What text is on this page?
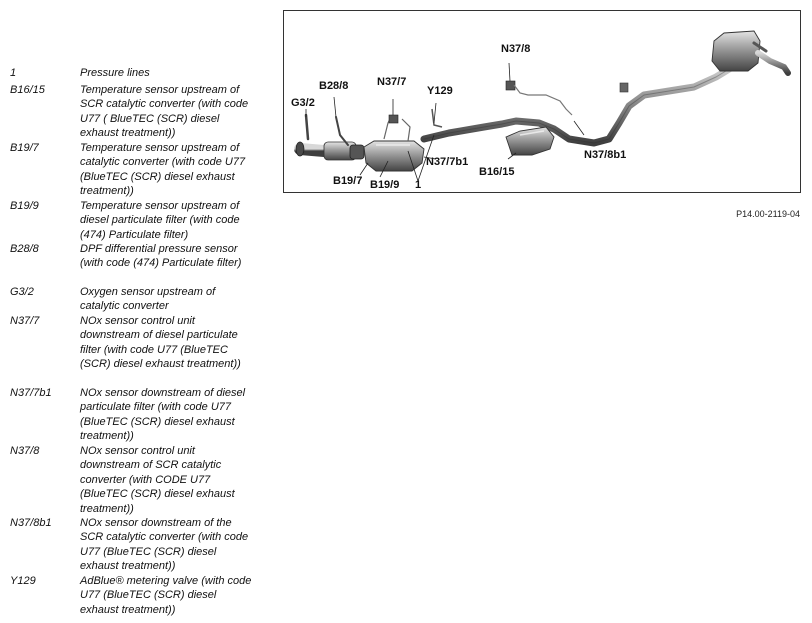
1	Pressure lines
B16/15	Temperature sensor upstream of SCR catalytic converter (with code U77 ( BlueTEC (SCR) diesel exhaust treatment))
B19/7	Temperature sensor upstream of catalytic converter (with code U77 (BlueTEC (SCR) diesel exhaust treatment))
B19/9	Temperature sensor upstream of diesel particulate filter (with code (474) Particulate filter)
B28/8	DPF differential pressure sensor (with code (474) Particulate filter)
G3/2	Oxygen sensor upstream of catalytic converter
N37/7	NOx sensor control unit downstream of diesel particulate filter (with code U77 (BlueTEC (SCR) diesel exhaust treatment))
N37/7b1	NOx sensor downstream of diesel particulate filter (with code U77 (BlueTEC (SCR) diesel exhaust treatment))
N37/8	NOx sensor control unit downstream of SCR catalytic converter (with CODE U77 (BlueTEC (SCR) diesel exhaust treatment))
N37/8b1	NOx sensor downstream of the SCR catalytic converter (with code U77 (BlueTEC (SCR) diesel exhaust treatment))
Y129	AdBlue® metering valve (with code U77 (BlueTEC (SCR) diesel exhaust treatment))
G3/2
B28/8	N37/7
Y129
N37/8
N37/7b1
B16/15
N37/8b1
B19/7 B19/9 1
P14.00-2119-04
